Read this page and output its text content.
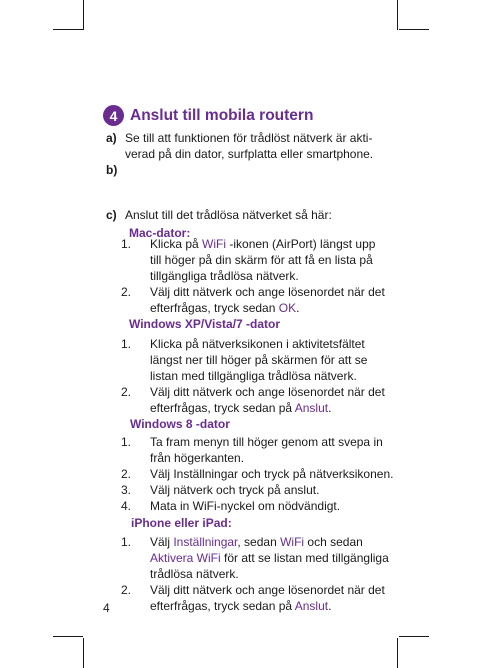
4 Anslut till mobila routern
a) Se till att funktionen för trådlöst nätverk är akti-
verad på din dator, surfplatta eller smartphone.
b)
c) Anslut till det trådlösa nätverket så här:
Mac-dator:
1. Klicka på WiFi -ikonen (AirPort) längst upp
till höger på din skärm för att få en lista på
tillgängliga trådlösa nätverk.
2. Välj ditt nätverk och ange lösenordet när det
efterfrågas, tryck sedan OK.
Windows XP/Vista/7 -dator
1. Klicka på nätverksikonen i aktivitetsfältet
längst ner till höger på skärmen för att se
listan med tillgängliga trådlösa nätverk.
2. Välj ditt nätverk och ange lösenordet när det
efterfrågas, tryck sedan på Anslut.
Windows 8 -dator
1. Ta fram menyn till höger genom att svepa in
från högerkanten.
2. Välj Inställningar och tryck på nätverksikonen.
3. Välj nätverk och tryck på anslut.
4. Mata in WiFi-nyckel om nödvändigt.
iPhone eller iPad:
1. Välj Inställningar, sedan WiFi och sedan
Aktivera WiFi för att se listan med tillgängliga
trådlösa nätverk.
2. Välj ditt nätverk och ange lösenordet när det
efterfrågas, tryck sedan på Anslut.
4
